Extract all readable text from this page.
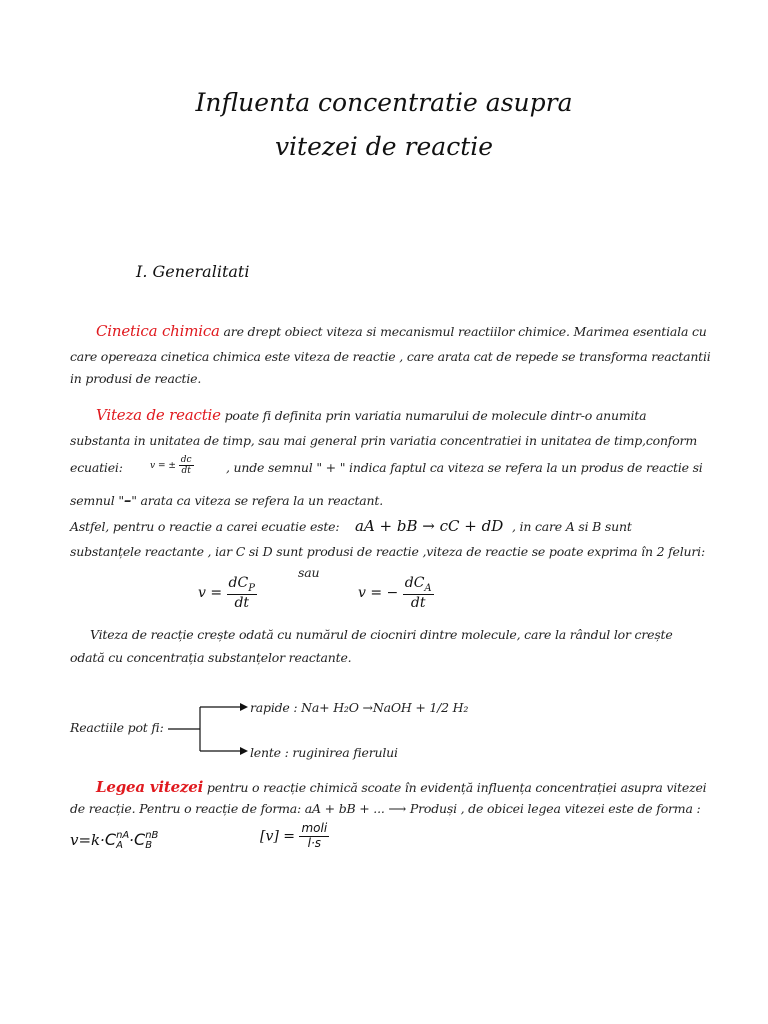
Influenta concentratie asupra
vitezei de reactie
I. Generalitati
Cinetica chimica are drept obiect viteza si mecanismul reactiilor chimice. Marimea esentiala cu
care opereaza cinetica chimica este viteza de reactie , care arata cat de repede se transforma reactantii
in produsi de reactie.
Viteza de reactie poate fi definita prin variatia numarului de molecule dintr-o anumita
substanta in unitatea de timp, sau mai general prin variatia concentratiei in unitatea de timp,conform
ecuatiei:	v = ± $\frac{dc}{dt}$	, unde semnul " + " indica faptul ca viteza se refera la un produs de reactie si
semnul "–" arata ca viteza se refera la un reactant.
Astfel, pentru o reactie a carei ecuatie este: aA + bB → cC + dD , in care A si B sunt
substanțele reactante , iar C si D sunt produsi de reactie ,viteza de reactie se poate exprima în 2 feluri:
sau
$v = \frac{dC_P}{dt}$	v = − $\frac{dC_A}{dt}$
Viteza de reacție crește odată cu numărul de ciocniri dintre molecule, care la rândul lor crește
odată cu concentrația substanțelor reactante.
Reactiile pot fi:
rapide : Na+ H₂O →NaOH + 1/2 H₂
lente : ruginirea fierului
Legea vitezei pentru o reacție chimică scoate în evidență influența concentrației asupra vitezei
de reacție. Pentru o reacție de forma: aA + bB + ... ⟶ Produși , de obicei legea vitezei este de forma :
v=k·C nA
A ·C nB
B
$[v] = \frac{\text{moli}}{l\cdot s}$
